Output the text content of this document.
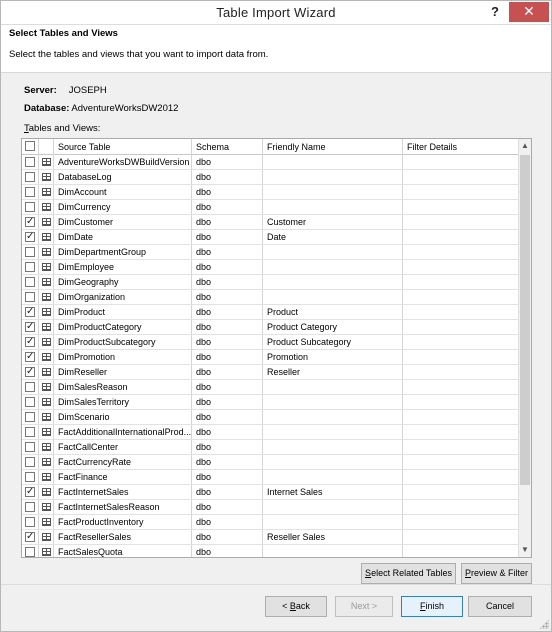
Table Import Wizard	?	✕
Select Tables and Views
Select the tables and views that you want to import data from.
Server: JOSEPH
Database: AdventureWorksDW2012
Tables and Views:
Source Table	Schema	Friendly Name	Filter Details
AdventureWorksDWBuildVersion dbo
DatabaseLog	dbo
DimAccount	dbo
DimCurrency	dbo
✓	DimCustomer	dbo	Customer
✓	DimDate	dbo	Date
DimDepartmentGroup	dbo
DimEmployee	dbo
DimGeography	dbo
DimOrganization	dbo
✓	DimProduct	dbo	Product
✓	DimProductCategory	dbo	Product Category
✓	DimProductSubcategory	dbo	Product Subcategory
✓	DimPromotion	dbo	Promotion
✓	DimReseller	dbo	Reseller
DimSalesReason	dbo
DimSalesTerritory	dbo
DimScenario	dbo
FactAdditionalInternationalProd... dbo
FactCallCenter	dbo
FactCurrencyRate	dbo
FactFinance	dbo
✓	FactInternetSales	dbo	Internet Sales
FactInternetSalesReason	dbo
FactProductInventory	dbo
✓	FactResellerSales	dbo	Reseller Sales
FactSalesQuota	dbo
▲
▼
Select Related Tables	Preview & Filter
< Back	Next >	Finish	Cancel
